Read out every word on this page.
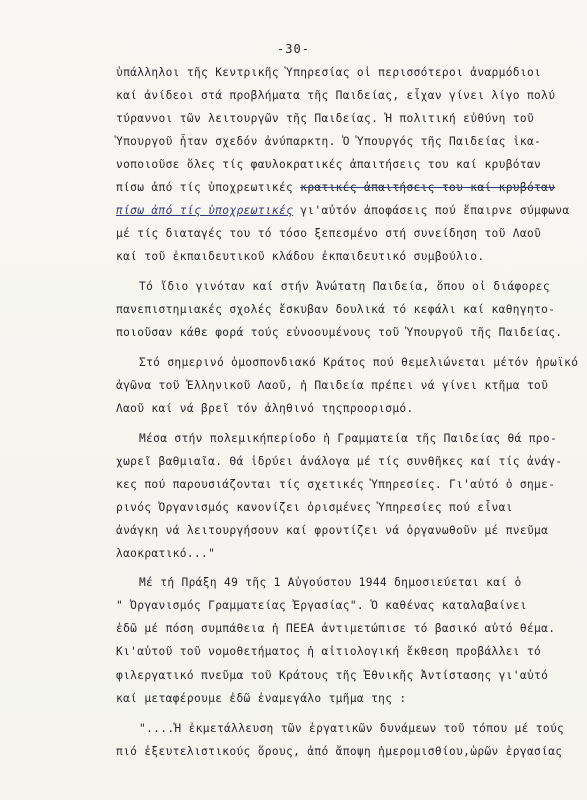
-30-
ὑπάλληλοι τῆς Κεντρικῆς Ὑπηρεσίας οἱ περισσότεροι ἀναρμόδιοι
καί ἀνίδεοι στά προβλήματα τῆς Παιδείας, εἶχαν γίνει λίγο πολύ
τύραννοι τῶν λειτουργῶν τῆς Παιδείας. Ἡ πολιτική εὐθύνη τοῦ
Ὑπουργοῦ ἦταν σχεδόν ἀνύπαρκτη. Ὁ Ὑπουργός τῆς Παιδείας ἱκα-
νοποιοῦσε ὅλες τίς φαυλοκρατικές ἀπαιτήσεις του καί κρυβόταν
πίσω ἀπό τίς ὑποχρεωτικές κρατικές ἀπαιτήσεις του καί κρυβόταν
πίσω ἀπό τίς ὑποχρεωτικές γι'αὐτόν ἀποφάσεις πού ἔπαιρνε σύμφωνα
μέ τίς διαταγές του τό τόσο ξεπεσμένο στή συνείδηση τοῦ Λαοῦ
καί τοῦ ἐκπαιδευτικοῦ κλάδου ἐκπαιδευτικό συμβούλιο.
Τό ἴδιο γινόταν καί στήν Ἀνώτατη Παιδεία, ὅπου οἱ διάφορες
πανεπιστημιακές σχολές ἔσκυβαν δουλικά τό κεφάλι καί καθηγητο-
ποιοῦσαν κάθε φορά τούς εὐνοουμένους τοῦ Ὑπουργοῦ τῆς Παιδείας.
Στό σημερινό ὁμοσπονδιακό Κράτος πού θεμελιώνεται μέτόν ἡρωϊκό
ἀγῶνα τοῦ Ἑλληνικοῦ Λαοῦ, ἡ Παιδεία πρέπει νά γίνει κτῆμα τοῦ
Λαοῦ καί νά βρεῖ τόν ἀληθινό τηςπροορισμό.
Μέσα στήν πολεμικήπερίοδο ἡ Γραμματεία τῆς Παιδείας θά προ-
χωρεῖ βαθμιαῖα. Θά ἱδρύει ἀνάλογα μέ τίς συνθῆκες καί τίς ἀνάγ-
κες πού παρουσιάζονται τίς σχετικές Ὑπηρεσίες. Γι'αὐτό ὁ σημε-
ρινός Ὀργανισμός κανονίζει ὁρισμένες Ὑπηρεσίες πού εἶναι
ἀνάγκη νά λειτουργήσουν καί φροντίζει νά ὀργανωθοῦν μέ πνεῦμα
λαοκρατικό..."
Μέ τή Πράξη 49 τῆς 1 Αὐγούστου 1944 δημοσιεύεται καί ὁ
" Ὀργανισμός Γραμματείας Ἐργασίας". Ὁ καθένας καταλαβαίνει
ἐδῶ μέ πόση συμπάθεια ἡ ΠΕΕΑ ἀντιμετώπισε τό βασικό αὐτό θέμα.
Κι'αὐτοῦ τοῦ νομοθετήματος ἡ αἰτιολογική ἔκθεση προβάλλει τό
φιλεργατικό πνεῦμα τοῦ Κράτους τῆς Ἐθνικῆς Ἀντίστασης γι'αὐτό
καί μεταφέρουμε ἐδῶ ἐναμεγάλο τμῆμα της :
"....Ἡ ἐκμετάλλευση τῶν ἐργατικῶν δυνάμεων τοῦ τόπου μέ τούς
πιό ἐξευτελιστικούς ὅρους, ἀπό ἄποψη ἡμερομισθίου,ὡρῶν ἐργασίας
